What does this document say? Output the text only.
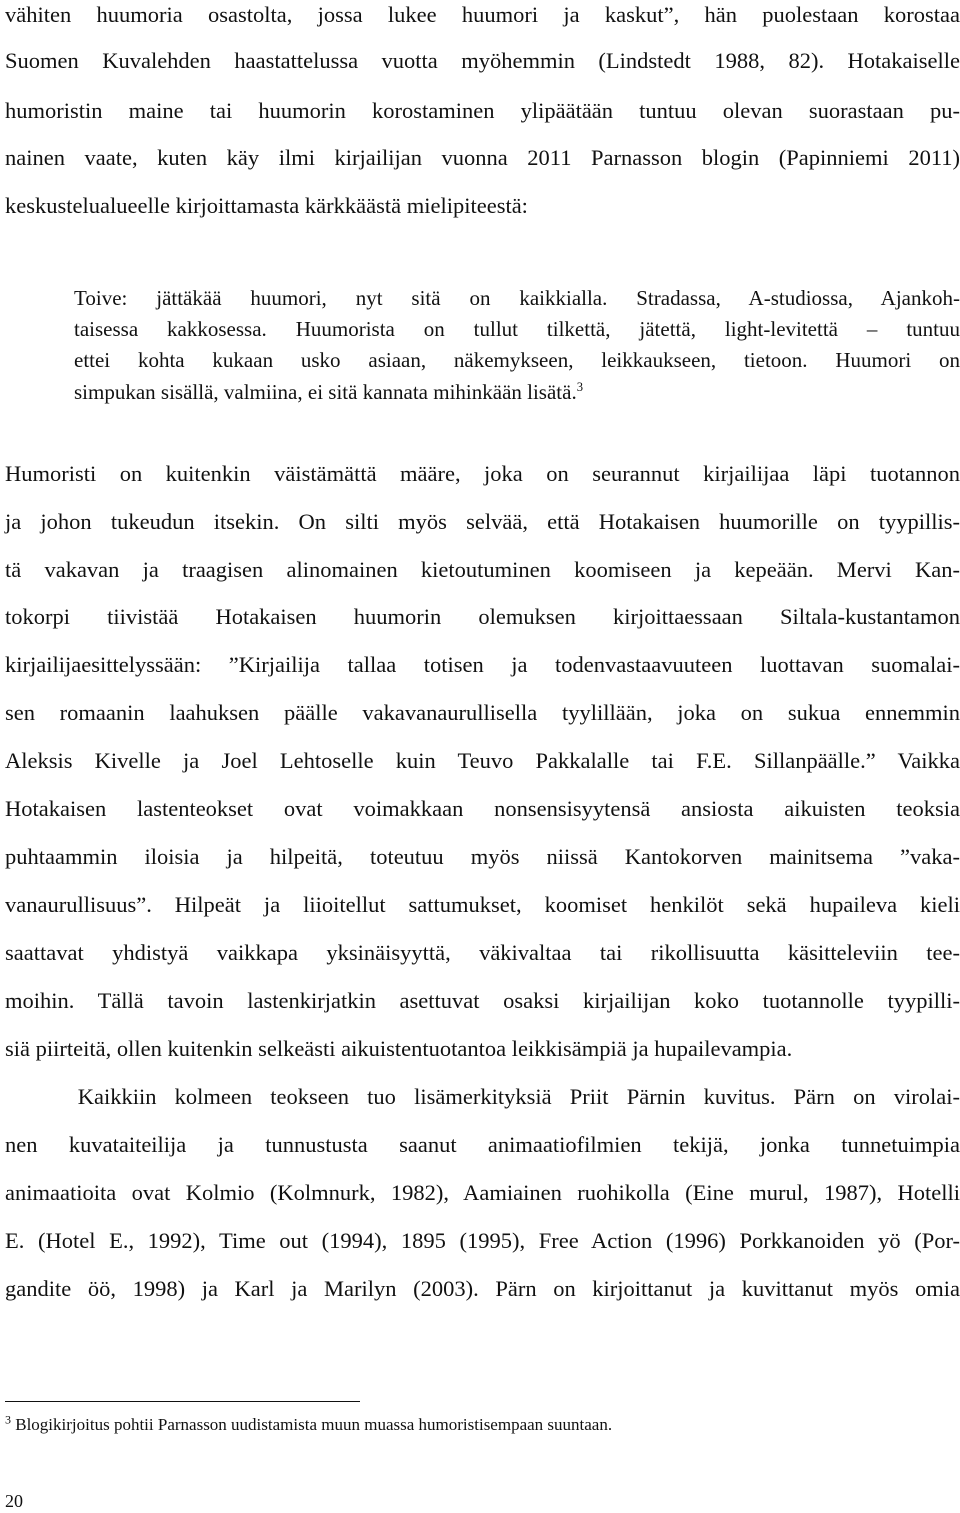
vähiten huumoria osastolta, jossa lukee huumori ja kaskut”, hän puolestaan korostaa

Suomen Kuvalehden haastattelussa vuotta myöhemmin (Lindstedt 1988, 82). Hotakaiselle

humoristin maine tai huumorin korostaminen ylipäätään tuntuu olevan suorastaan pu-

nainen vaate, kuten käy ilmi kirjailijan vuonna 2011 Parnasson blogin (Papinniemi 2011)

keskustelualueelle kirjoittamasta kärkkäästä mielipiteestä:

Toive: jättäkää huumori, nyt sitä on kaikkialla. Stradassa, A-studiossa, Ajankoh-

taisessa kakkosessa. Huumorista on tullut tilkettä, jätettä, light-levitettä – tuntuu

ettei kohta kukaan usko asiaan, näkemykseen, leikkaukseen, tietoon. Huumori on

simpukan sisällä, valmiina, ei sitä kannata mihinkään lisätä.$^3$

Humoristi on kuitenkin väistämättä määre, joka on seurannut kirjailijaa läpi tuotannon

ja johon tukeudun itsekin. On silti myös selvää, että Hotakaisen huumorille on tyypillis-

tä vakavan ja traagisen alinomainen kietoutuminen koomiseen ja kepeään. Mervi Kan-

tokorpi tiivistää Hotakaisen huumorin olemuksen kirjoittaessaan Siltala-kustantamon

kirjailijaesittelyssään: ”Kirjailija tallaa totisen ja todenvastaavuuteen luottavan suomalai-

sen romaanin laahuksen päälle vakavanaurullisella tyylillään, joka on sukua ennemmin

Aleksis Kivelle ja Joel Lehtoselle kuin Teuvo Pakkalalle tai F.E. Sillanpäälle.” Vaikka

Hotakaisen lastenteokset ovat voimakkaan nonsensisyytensä ansiosta aikuisten teoksia

puhtaammin iloisia ja hilpeitä, toteutuu myös niissä Kantokorven mainitsema ”vaka-

vanaurullisuus”. Hilpeät ja liioitellut sattumukset, koomiset henkilöt sekä hupaileva kieli

saattavat yhdistyä vaikkapa yksinäisyyttä, väkivaltaa tai rikollisuutta käsitteleviin tee-

moihin. Tällä tavoin lastenkirjatkin asettuvat osaksi kirjailijan koko tuotannolle tyypilli-

siä piirteitä, ollen kuitenkin selkeästi aikuistentuotantoa leikkisämpiä ja hupailevampia.

Kaikkiin kolmeen teokseen tuo lisämerkityksiä Priit Pärnin kuvitus. Pärn on virolai-

nen kuvataiteilija ja tunnustusta saanut animaatiofilmien tekijä, jonka tunnetuimpia

animaatioita ovat Kolmio (Kolmnurk, 1982), Aamiainen ruohikolla (Eine murul, 1987), Hotelli

E. (Hotel E., 1992), Time out (1994), 1895 (1995), Free Action (1996) Porkkanoiden yö (Por-

gandite öö, 1998) ja Karl ja Marilyn (2003). Pärn on kirjoittanut ja kuvittanut myös omia

$^3$ Blogikirjoitus pohtii Parnasson uudistamista muun muassa humoristisempaan suuntaan.
20
